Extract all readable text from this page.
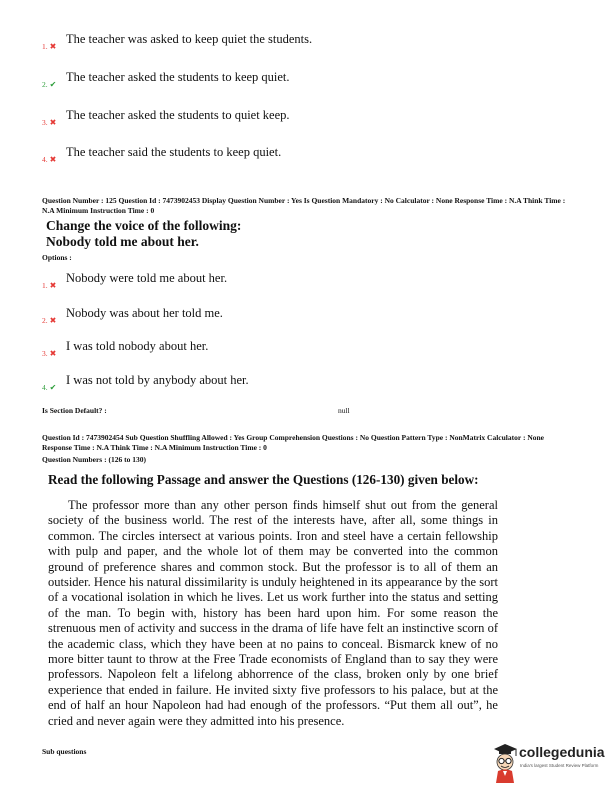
1. ✖
The teacher was asked to keep quiet the students.
2. ✔
The teacher asked the students to keep quiet.
3. ✖
The teacher asked the students to quiet keep.
4. ✖
The teacher said the students to keep quiet.
Question Number : 125 Question Id : 7473902453 Display Question Number : Yes Is Question Mandatory : No Calculator : None Response Time : N.A Think Time : N.A Minimum Instruction Time : 0
Change the voice of the following:
Nobody told me about her.
Options :
1. ✖
Nobody were told me about her.
2. ✖
Nobody was about her told me.
3. ✖
I was told nobody about her.
4. ✔
I was not told by anybody about her.
Is Section Default? :	null
Question Id : 7473902454 Sub Question Shuffling Allowed : Yes Group Comprehension Questions : No Question Pattern Type : NonMatrix Calculator : None Response Time : N.A Think Time : N.A Minimum Instruction Time : 0
Question Numbers : (126 to 130)
Read the following Passage and answer the Questions (126-130) given below:
The professor more than any other person finds himself shut out from the general society of the business world. The rest of the interests have, after all, some things in common. The circles intersect at various points. Iron and steel have a certain fellowship with pulp and paper, and the whole lot of them may be converted into the common ground of preference shares and common stock. But the professor is to all of them an outsider. Hence his natural dissimilarity is unduly heightened in its appearance by the sort of a vocational isolation in which he lives. Let us work further into the status and setting of the man. To begin with, history has been hard upon him. For some reason the strenuous men of activity and success in the drama of life have felt an instinctive scorn of the academic class, which they have been at no pains to conceal. Bismarck knew of no more bitter taunt to throw at the Free Trade economists of England than to say they were professors. Napoleon felt a lifelong abhorrence of the class, broken only by one brief experience that ended in failure. He invited sixty five professors to his palace, but at the end of half an hour Napoleon had had enough of the professors. “Put them all out”, he cried and never again were they admitted into his presence.
Sub questions	collegedunia
India's largest Student Review Platform
